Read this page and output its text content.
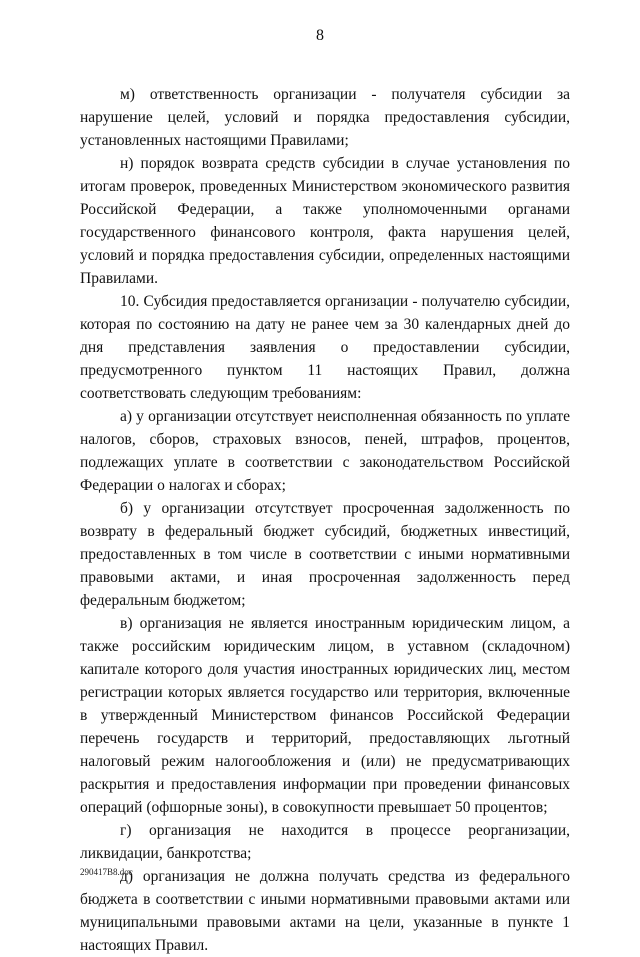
8

м) ответственность организации - получателя субсидии за нарушение целей, условий и порядка предоставления субсидии, установленных настоящими Правилами;

н) порядок возврата средств субсидии в случае установления по итогам проверок, проведенных Министерством экономического развития Российской Федерации, а также уполномоченными органами государственного финансового контроля, факта нарушения целей, условий и порядка предоставления субсидии, определенных настоящими Правилами.

10. Субсидия предоставляется организации - получателю субсидии, которая по состоянию на дату не ранее чем за 30 календарных дней до дня представления заявления о предоставлении субсидии, предусмотренного пунктом 11 настоящих Правил, должна соответствовать следующим требованиям:

а) у организации отсутствует неисполненная обязанность по уплате налогов, сборов, страховых взносов, пеней, штрафов, процентов, подлежащих уплате в соответствии с законодательством Российской Федерации о налогах и сборах;

б) у организации отсутствует просроченная задолженность по возврату в федеральный бюджет субсидий, бюджетных инвестиций, предоставленных в том числе в соответствии с иными нормативными правовыми актами, и иная просроченная задолженность перед федеральным бюджетом;

в) организация не является иностранным юридическим лицом, а также российским юридическим лицом, в уставном (складочном) капитале которого доля участия иностранных юридических лиц, местом регистрации которых является государство или территория, включенные в утвержденный Министерством финансов Российской Федерации перечень государств и территорий, предоставляющих льготный налоговый режим налогообложения и (или) не предусматривающих раскрытия и предоставления информации при проведении финансовых операций (офшорные зоны), в совокупности превышает 50 процентов;

г) организация не находится в процессе реорганизации, ликвидации, банкротства;

д) организация не должна получать средства из федерального бюджета в соответствии с иными нормативными правовыми актами или муниципальными правовыми актами на цели, указанные в пункте 1 настоящих Правил.

290417B8.doc
